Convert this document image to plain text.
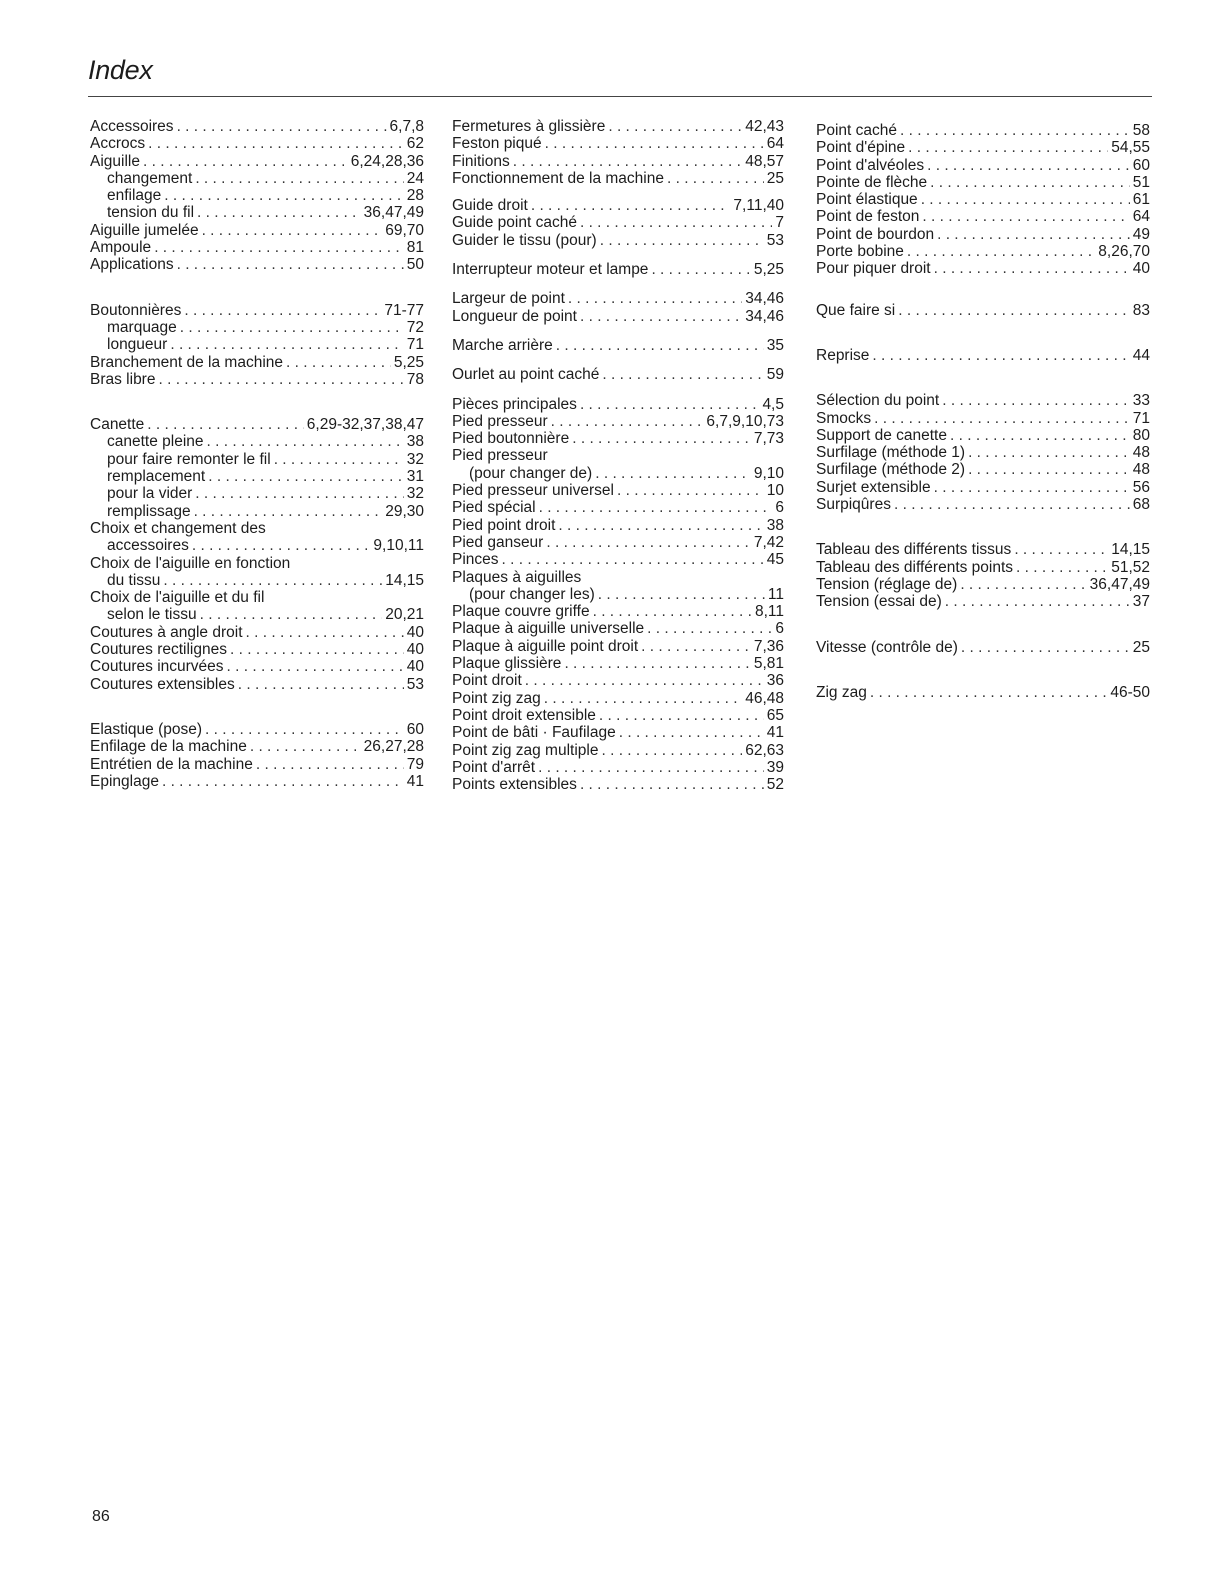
Index
Accessoires . . .	6,7,8
Accrocs . . .	62
Aiguille . . .	6,24,28,36
changement . . .	24
enfilage . . .	28
tension du fil . . .	36,47,49
Aiguille jumelée . . .	69,70
Ampoule . . .	81
Applications . . .	50
Boutonnières . . .	71-77
marquage . . .	72
longueur . . .	71
Branchement de la machine . . .	5,25
Bras libre . . .	78
Canette . . .	6,29-32,37,38,47
canette pleine . . .	38
pour faire remonter le fil . . .	32
remplacement . . .	31
pour la vider . . .	32
remplissage . . .	29,30
Choix et changement des
accessoires . . .	9,10,11
Choix de l'aiguille en fonction
du tissu . . .	14,15
Choix de l'aiguille et du fil
selon le tissu . . .	20,21
Coutures à angle droit . . .	40
Coutures rectilignes . . .	40
Coutures incurvées . . .	40
Coutures extensibles . . .	53
Elastique (pose) . . .	60
Enfilage de la machine . . .	26,27,28
Entrétien de la machine . . .	79
Epinglage . . .	41
Fermetures à glissière . . .	42,43
Feston piqué . . .	64
Finitions . . .	48,57
Fonctionnement de la machine . . .	25
Guide droit . . .	7,11,40
Guide point caché . . .	7
Guider le tissu (pour) . . .	53
Interrupteur moteur et lampe . . .	5,25
Largeur de point . . .	34,46
Longueur de point . . .	34,46
Marche arrière . . .	35
Ourlet au point caché . . .	59
Pièces principales . . .	4,5
Pied presseur . . .	6,7,9,10,73
Pied boutonnière . . .	7,73
Pied presseur
(pour changer de) . . .	9,10
Pied presseur universel . . .	10
Pied spécial . . .	6
Pied point droit . . .	38
Pied ganseur . . .	7,42
Pinces . . .	45
Plaques à aiguilles
(pour changer les) . . .	11
Plaque couvre griffe . . .	8,11
Plaque à aiguille universelle . . .	6
Plaque à aiguille point droit . . .	7,36
Plaque glissière . . .	5,81
Point droit . . .	36
Point zig zag . . .	46,48
Point droit extensible . . .	65
Point de bâti · Faufilage . . .	41
Point zig zag multiple . . .	62,63
Point d'arrêt . . .	39
Points extensibles . . .	52
Point caché . . .	58
Point d'épine . . .	54,55
Point d'alvéoles . . .	60
Pointe de flèche . . .	51
Point élastique . . .	61
Point de feston . . .	64
Point de bourdon . . .	49
Porte bobine . . .	8,26,70
Pour piquer droit . . .	40
Que faire si . . .	83
Reprise . . .	44
Sélection du point . . .	33
Smocks . . .	71
Support de canette . . .	80
Surfilage (méthode 1) . . .	48
Surfilage (méthode 2) . . .	48
Surjet extensible . . .	56
Surpiqûres . . .	68
Tableau des différents tissus . . .	14,15
Tableau des différents points . . .	51,52
Tension (réglage de) . . .	36,47,49
Tension (essai de) . . .	37
Vitesse (contrôle de) . . .	25
Zig zag . . .	46-50
86
